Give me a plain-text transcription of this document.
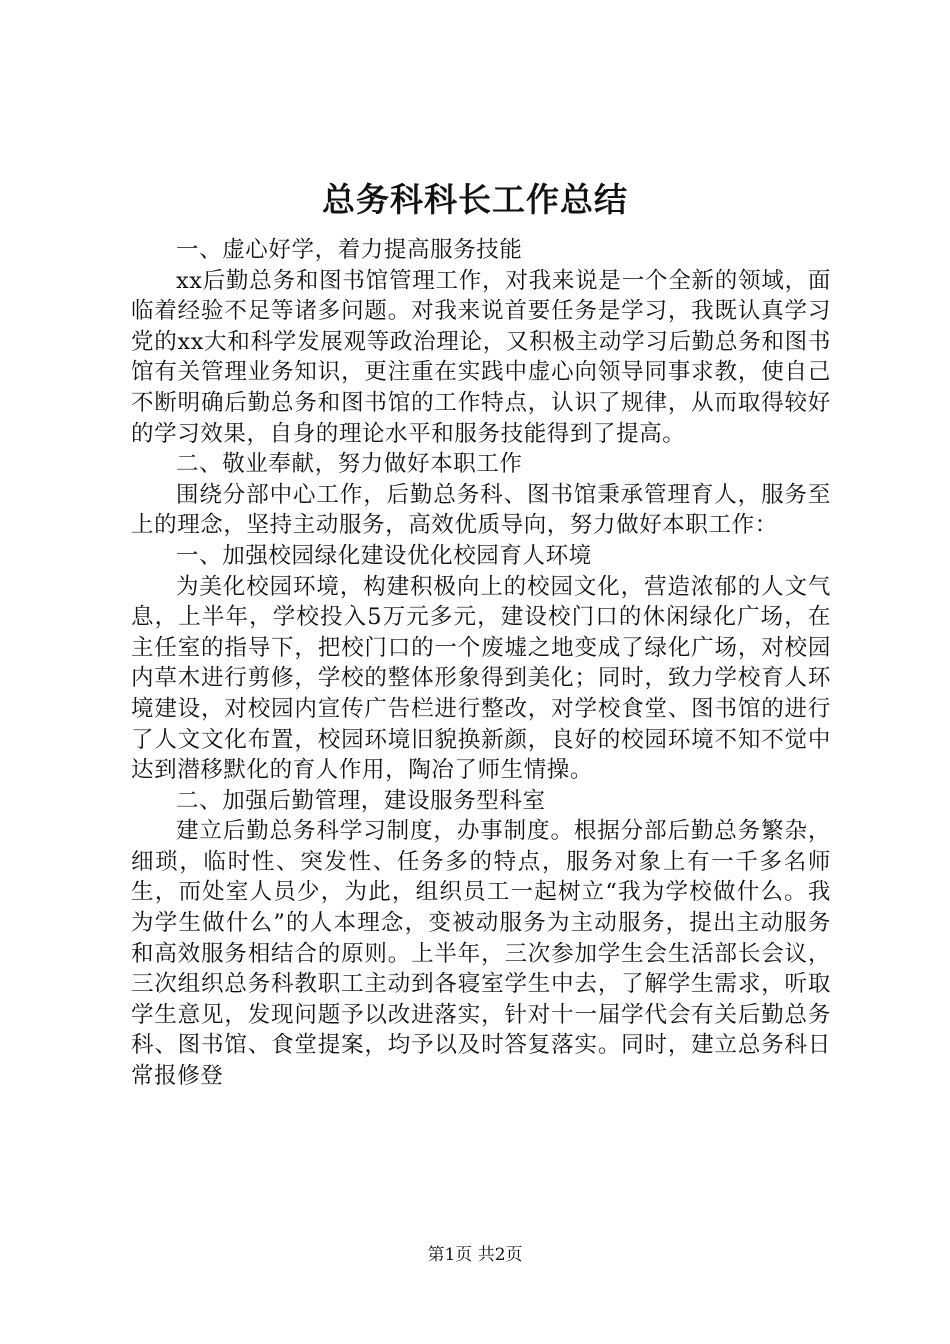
总务科科长工作总结

一、虚心好学，着力提高服务技能

xx后勤总务和图书馆管理工作，对我来说是一个全新的领域，面临着经验不足等诸多问题。对我来说首要任务是学习，我既认真学习党的xx大和科学发展观等政治理论，又积极主动学习后勤总务和图书馆有关管理业务知识，更注重在实践中虚心向领导同事求教，使自己不断明确后勤总务和图书馆的工作特点，认识了规律，从而取得较好的学习效果，自身的理论水平和服务技能得到了提高。

二、敬业奉献，努力做好本职工作

围绕分部中心工作，后勤总务科、图书馆秉承管理育人，服务至上的理念，坚持主动服务，高效优质导向，努力做好本职工作：

一、加强校园绿化建设优化校园育人环境

为美化校园环境，构建积极向上的校园文化，营造浓郁的人文气息，上半年，学校投入5万元多元，建设校门口的休闲绿化广场，在主任室的指导下，把校门口的一个废墟之地变成了绿化广场，对校园内草木进行剪修，学校的整体形象得到美化；同时，致力学校育人环境建设，对校园内宣传广告栏进行整改，对学校食堂、图书馆的进行了人文文化布置，校园环境旧貌换新颜，良好的校园环境不知不觉中达到潜移默化的育人作用，陶冶了师生情操。

二、加强后勤管理，建设服务型科室

建立后勤总务科学习制度，办事制度。根据分部后勤总务繁杂，细琐，临时性、突发性、任务多的特点，服务对象上有一千多名师生，而处室人员少，为此，组织员工一起树立“我为学校做什么。我为学生做什么”的人本理念，变被动服务为主动服务，提出主动服务和高效服务相结合的原则。上半年，三次参加学生会生活部长会议，三次组织总务科教职工主动到各寝室学生中去，了解学生需求，听取学生意见，发现问题予以改进落实，针对十一届学代会有关后勤总务科、图书馆、食堂提案，均予以及时答复落实。同时，建立总务科日常报修登

第1页 共2页
